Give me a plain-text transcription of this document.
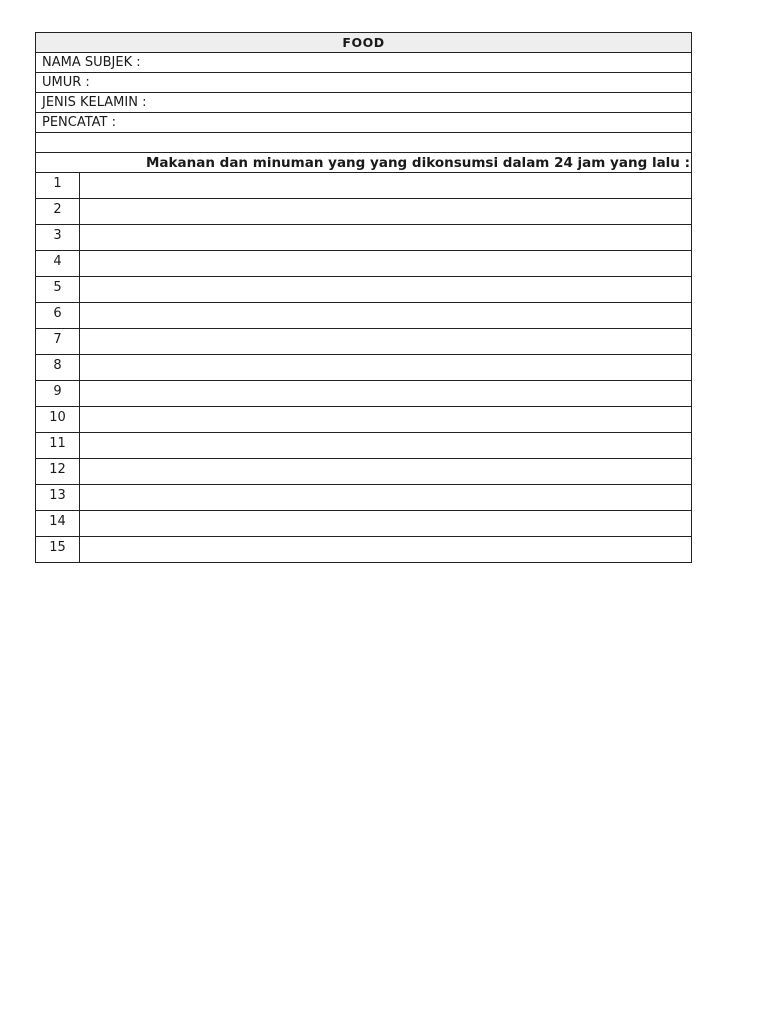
FOOD	
NAMA SUBJEK :	
UMUR :	
JENIS KELAMIN :	
PENCATAT :	

Makanan dan minuman yang yang dikonsumsi dalam 24 jam yang lalu :	
1	
2	
3	
4	
5	
6	
7	
8	
9	
10	
11	
12	
13	
14	
15	
